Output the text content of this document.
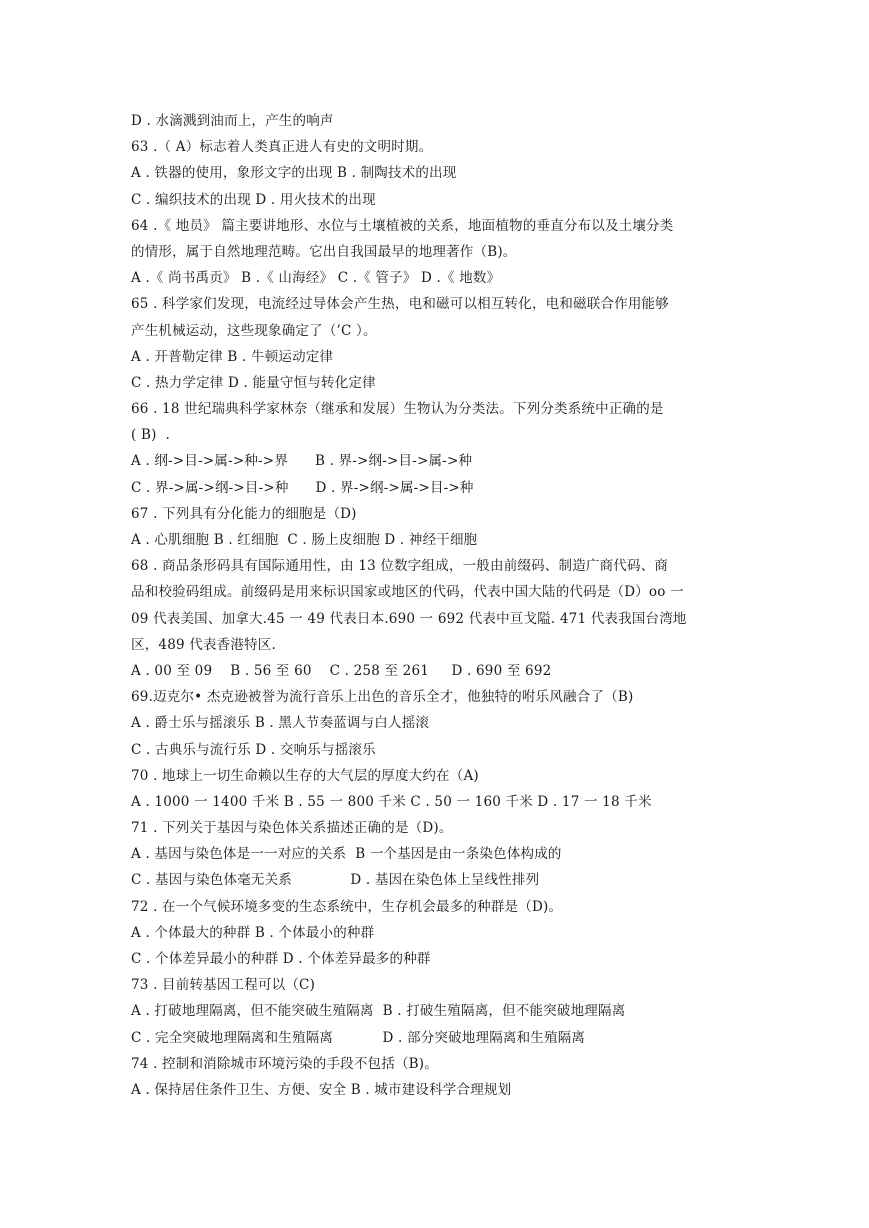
D . 水滴溅到油而上，产生的响声
63 .（ A）标志着人类真正进人有史的文明时期。
A . 铁器的使用，象形文字的出现 B . 制陶技术的出现
C . 编织技术的出现 D . 用火技术的出现
64 .《 地员》 篇主要讲地形、水位与土壤植被的关系，地面植物的垂直分布以及土壤分类
的情形，属于自然地理范畴。它出自我国最早的地理著作（B)。
A .《 尚书禹贡》 B .《 山海经》 C .《 管子》 D .《 地数》
65 . 科学家们发现，电流经过导体会产生热，电和磁可以相互转化，电和磁联合作用能够
产生机械运动，这些现象确定了（’C ）。
A . 开普勒定律 B . 牛顿运动定律
C . 热力学定律 D . 能量守恒与转化定律
66 . 18 世纪瑞典科学家林奈（继承和发展）生物认为分类法。下列分类系统中正确的是
( B)  .
A . 纲->目->属->种->界      B . 界->纲->目->属->种
C . 界->属->纲->目->种      D . 界->纲->属->目->种
67 . 下列具有分化能力的细胞是（D)
A . 心肌细胞 B . 红细胞  C . 肠上皮细胞 D . 神经干细胞
68 . 商品条形码具有国际通用性，由 13 位数字组成，一般由前缀码、制造广商代码、商
品和校验码组成。前缀码是用来标识国家或地区的代码，代表中国大陆的代码是（D）oo 一
09 代表美国、加拿大.45 一 49 代表日本.690 一 692 代表中亘戈隘. 471 代表我国台湾地
区，489 代表香港特区.
A . 00 至 09    B . 56 至 60    C . 258 至 261     D . 690 至 692
69.迈克尔• 杰克逊被誉为流行音乐上出色的音乐全才，他独特的咐乐风融合了（B)
A . 爵士乐与摇滚乐 B . 黑人节奏蓝调与白人摇滚
C . 古典乐与流行乐 D . 交响乐与摇滚乐
70 . 地球上一切生命赖以生存的大气层的厚度大约在（A)
A . 1000 一 1400 千米 B . 55 一 800 千米 C . 50 一 160 千米 D . 17 一 18 千米
71 . 下列关于基因与染色体关系描述正确的是（D)。
A . 基因与染色体是一一对应的关系  B 一个基因是由一条染色体构成的
C . 基因与染色体毫无关系             D . 基因在染色体上呈线性排列
72 . 在一个气候环境多变的生态系统中，生存机会最多的种群是（D)。
A . 个体最大的种群 B . 个体最小的种群
C . 个体差异最小的种群 D . 个体差异最多的种群
73 . 目前转基因工程可以（C)
A . 打破地理隔离，但不能突破生殖隔离  B . 打破生殖隔离，但不能突破地理隔离
C . 完全突破地理隔离和生殖隔离           D . 部分突破地理隔离和生殖隔离
74 . 控制和消除城市环境污染的手段不包括（B)。
A . 保持居住条件卫生、方便、安全 B . 城市建设科学合理规划
